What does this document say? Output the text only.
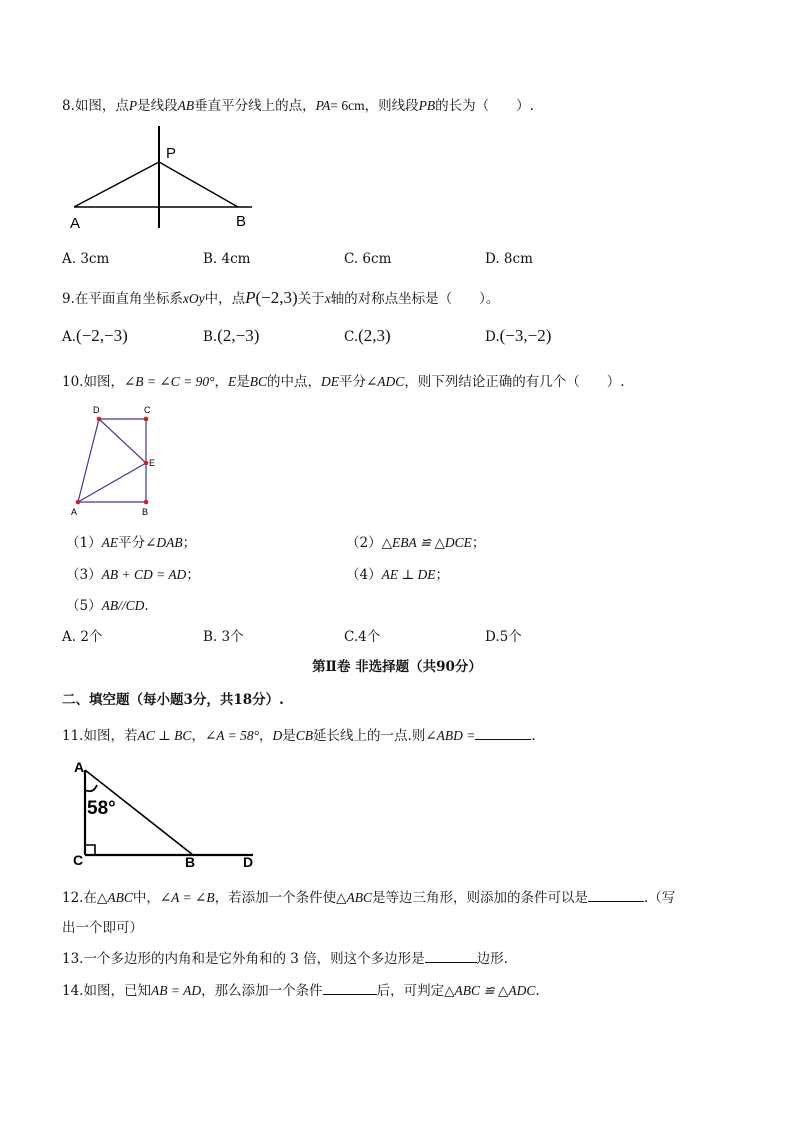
8.如图，点P是线段AB垂直平分线上的点，PA= 6cm，则线段PB的长为（　　）.
P
A	B
A. 3cm	B. 4cm	C. 6cm	D. 8cm
9.在平面直角坐标系xOy中，点P(−2,3)关于x轴的对称点坐标是（　　）。
A.(−2,−3)	B.(2,−3)	C.(2,3)	D.(−3,−2)
10.如图，∠B = ∠C = 90°，E是BC的中点，DE平分∠ADC，则下列结论正确的有几个（　　）.
D	C
E
A	B
（1）AE平分∠DAB；	（2）△EBA ≌ △DCE；
（3）AB + CD = AD；	（4）AE ⊥ DE；
（5）AB//CD.
A. 2个	B. 3个	C.4个	D.5个
第Ⅱ卷 非选择题（共90分）
二、填空题（每小题3分，共18分）.
11.如图，若AC ⊥ BC，∠A = 58°，D是CB延长线上的一点.则∠ABD =	.
A
58°
C	B	D
12.在△ABC中，∠A = ∠B，若添加一个条件使△ABC是等边三角形，则添加的条件可以是	.（写
出一个即可）
13.一个多边形的内角和是它外角和的 3 倍，则这个多边形是	边形.
14.如图，已知AB = AD，那么添加一个条件	后，可判定△ABC ≌ △ADC.
